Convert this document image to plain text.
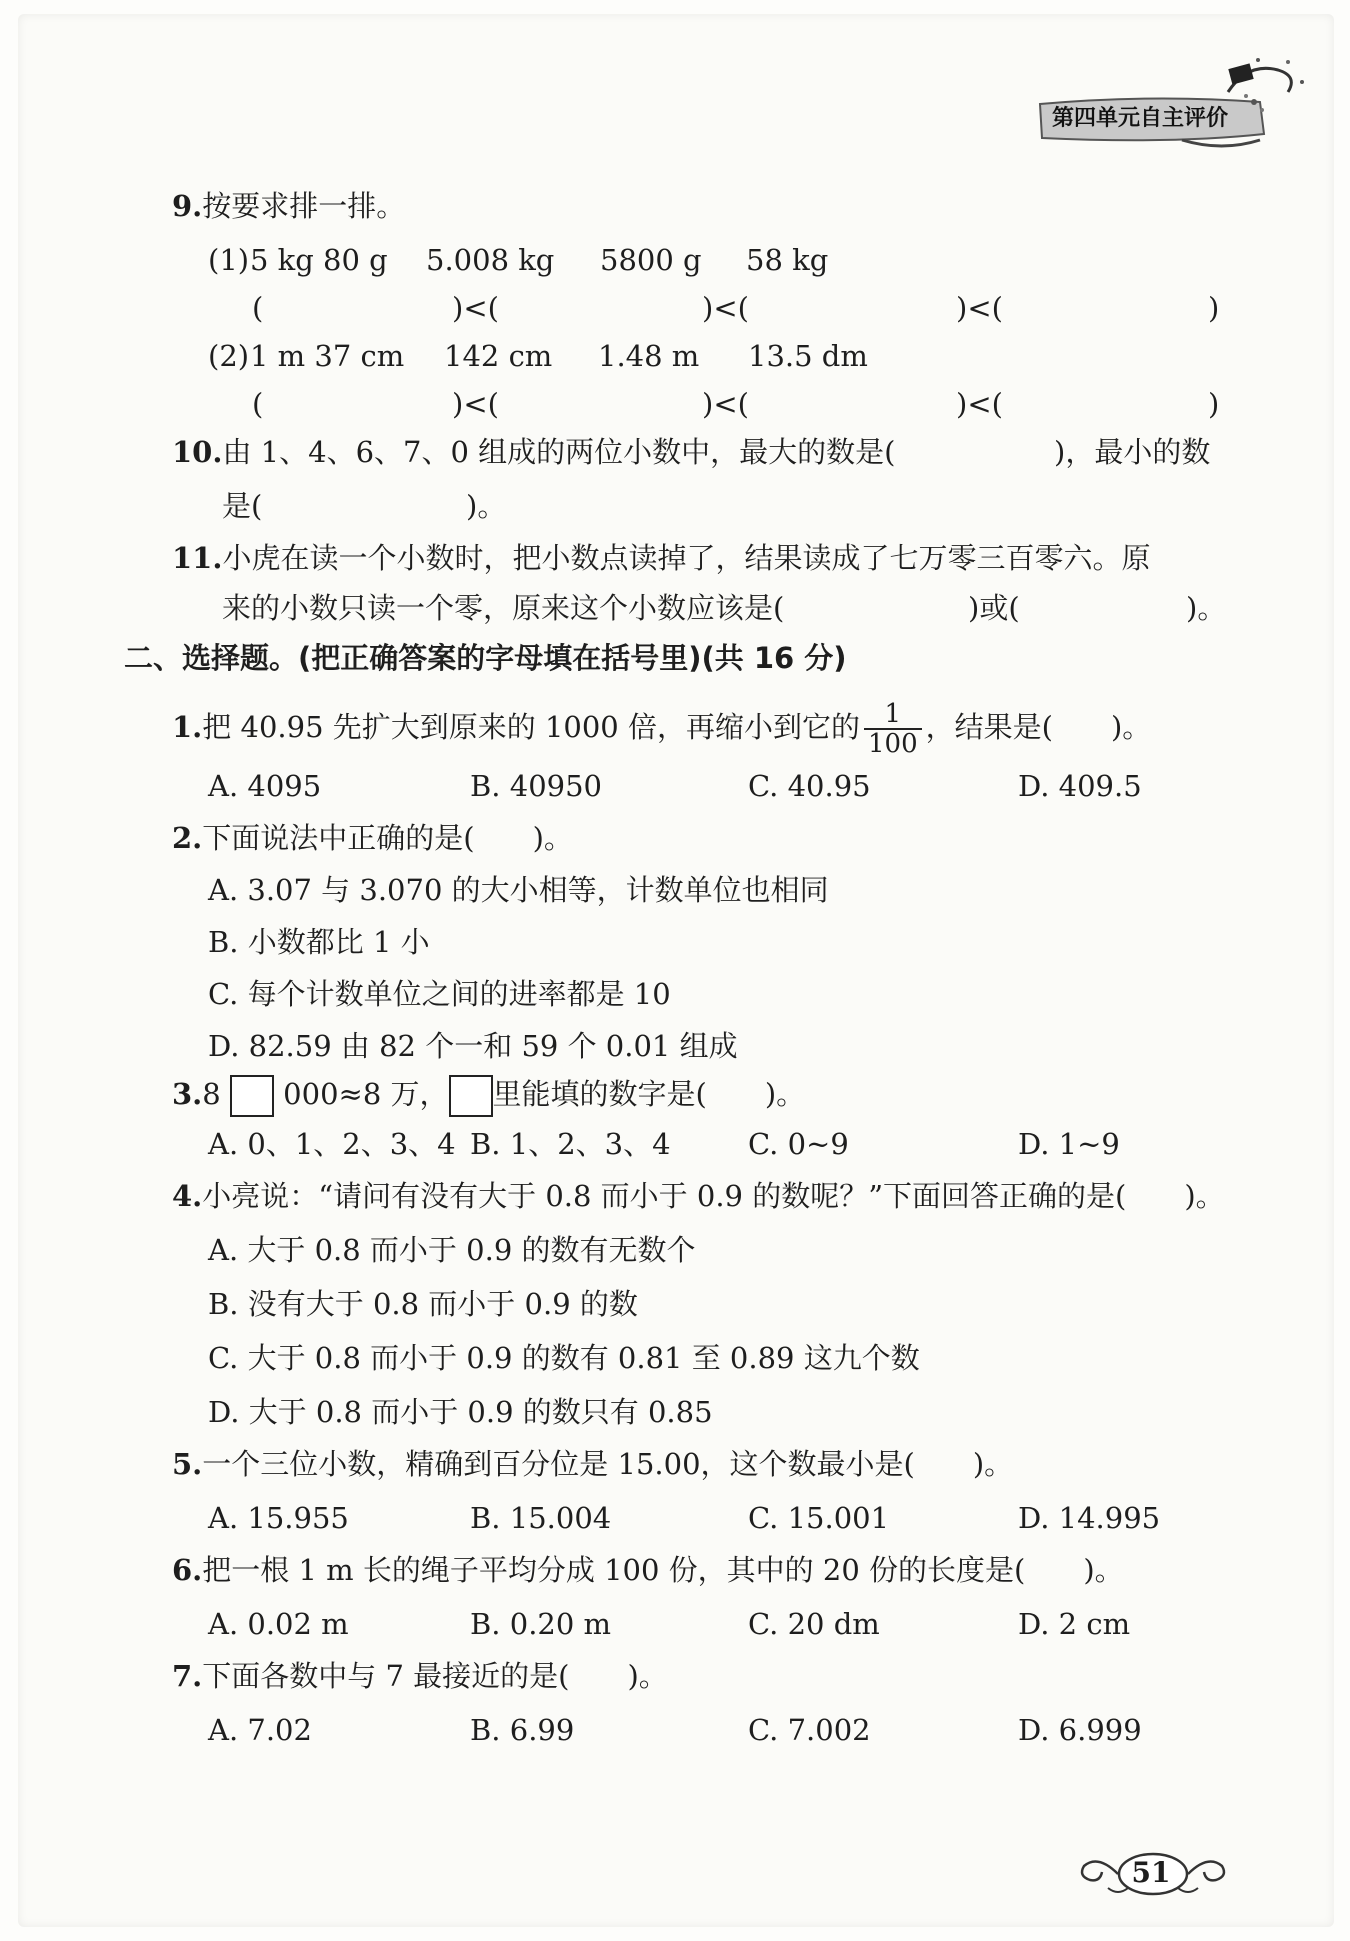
第四单元自主评价
9.按要求排一排。
(1) 5 kg 80 g 5.008 kg 5800 g 58 kg
(	)<(	)<(	)<(	)
(2) 1 m 37 cm 142 cm 1.48 m 13.5 dm
(	)<(	)<(	)<(	)
10.由 1、4、6、7、0 组成的两位小数中，最大的数是(	)，最小的数
是(	)。
11.小虎在读一个小数时，把小数点读掉了，结果读成了七万零三百零六。原
来的小数只读一个零，原来这个小数应该是(	)或(	)。
二、选择题。(把正确答案的字母填在括号里)(共 16 分)
1.把 40.95 先扩大到原来的 1000 倍，再缩小到它的 $\frac{1}{100}$ ，结果是(　　)。
A. 4095	B. 40950	C. 40.95	D. 409.5
2.下面说法中正确的是(　　)。
A. 3.07 与 3.070 的大小相等，计数单位也相同
B. 小数都比 1 小
C. 每个计数单位之间的进率都是 10
D. 82.59 由 82 个一和 59 个 0.01 组成
3.8 000≈8 万， 里能填的数字是(　　)。
A. 0、1、2、3、4 B. 1、2、3、4	C. 0~9	D. 1~9
4.小亮说：“请问有没有大于 0.8 而小于 0.9 的数呢？”下面回答正确的是(　　)。
A. 大于 0.8 而小于 0.9 的数有无数个
B. 没有大于 0.8 而小于 0.9 的数
C. 大于 0.8 而小于 0.9 的数有 0.81 至 0.89 这九个数
D. 大于 0.8 而小于 0.9 的数只有 0.85
5.一个三位小数，精确到百分位是 15.00，这个数最小是(　　)。
A. 15.955	B. 15.004	C. 15.001	D. 14.995
6.把一根 1 m 长的绳子平均分成 100 份，其中的 20 份的长度是(　　)。
A. 0.02 m	B. 0.20 m	C. 20 dm	D. 2 cm
7.下面各数中与 7 最接近的是(　　)。
A. 7.02	B. 6.99	C. 7.002	D. 6.999
51
